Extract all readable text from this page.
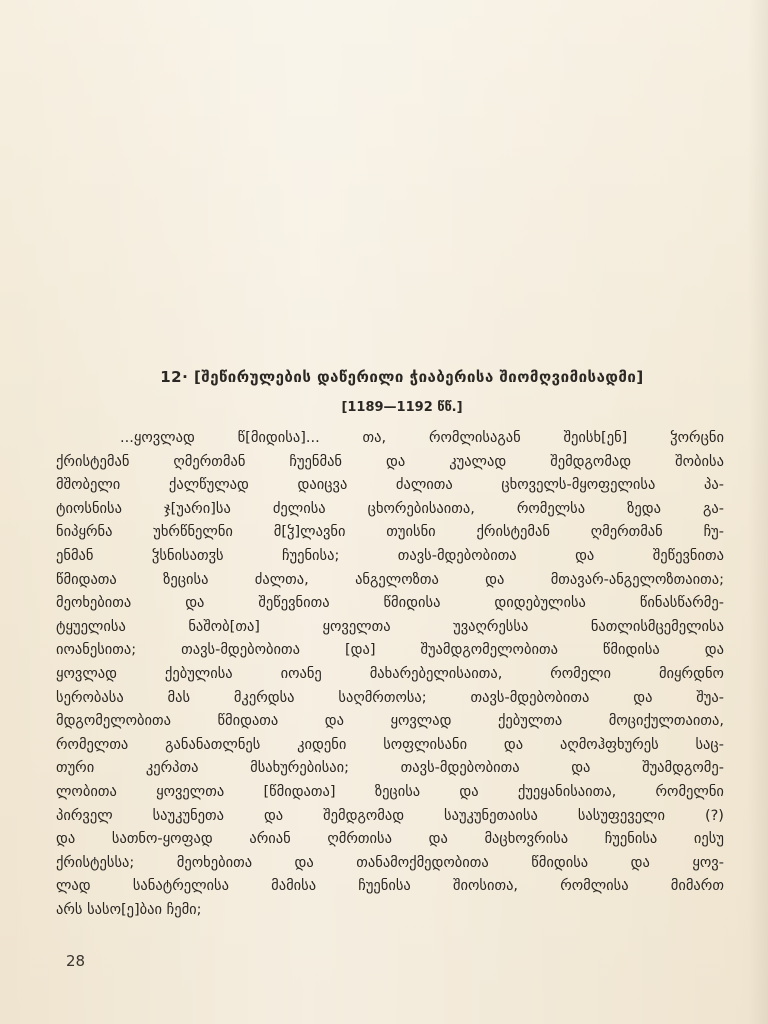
12· [შეწირულების დაწერილი ჭიაბერისა შიომღვიმისადმი]
[1189—1192 წწ.]
...ყოვლად	წ[მიდისა]...	თა,	რომლისაგან	შეისხ[ენ]	ჴორცნი
ქრისტემან	ღმერთმან	ჩუენმან	და	კუალად	შემდგომად	შობისა
მშობელი	ქალწულად	დაიცვა	ძალითა	ცხოველს-მყოფელისა	პა-
ტიოსნისა	ჯ[უარი]სა	ძელისა	ცხორებისაითა,	რომელსა	ზედა	გა-
ნიპყრნა	უხრწნელნი	მ[ჴ]ლავნი	თუისნი	ქრისტემან	ღმერთმან	ჩუ-
ენმან	ჴსნისათჳს	ჩუენისა;	თავს-მდებობითა	და	შეწევნითა
წმიდათა	ზეცისა	ძალთა,	ანგელოზთა	და	მთავარ-ანგელოზთაითა;
მეოხებითა	და	შეწევნითა	წმიდისა	დიდებულისა	წინასწარმე-
ტყუელისა	ნაშობ[თა]	ყოველთა	უვაღრესსა	ნათლისმცემელისა
იოანესითა;	თავს-მდებობითა	[და]	შუამდგომელობითა	წმიდისა	და
ყოვლად	ქებულისა	იოანე	მახარებელისაითა,	რომელი	მიყრდნო
სერობასა	მას	მკერდსა	საღმრთოსა;	თავს-მდებობითა	და	შუა-
მდგომელობითა	წმიდათა	და	ყოვლად	ქებულთა	მოციქულთაითა,
რომელთა	განანათლნეს	კიდენი	სოფლისანი	და	აღმოჰფხურეს	საც-
თური	კერპთა	მსახურებისაი;	თავს-მდებობითა	და	შუამდგომე-
ლობითა	ყოველთა	[წმიდათა]	ზეცისა	და	ქუეყანისაითა,	რომელნი
პირველ	საუკუნეთა	და	შემდგომად	საუკუნეთაისა	სასუფეველი	(?)
და	სათნო-ყოფად	არიან	ღმრთისა	და	მაცხოვრისა	ჩუენისა	იესუ
ქრისტესსა;	მეოხებითა	და	თანამოქმედობითა	წმიდისა	და	ყოვ-
ლად	სანატრელისა	მამისა	ჩუენისა	შიოსითა,	რომლისა	მიმართ
არს სასო[ე]ბაი ჩემი;
28
